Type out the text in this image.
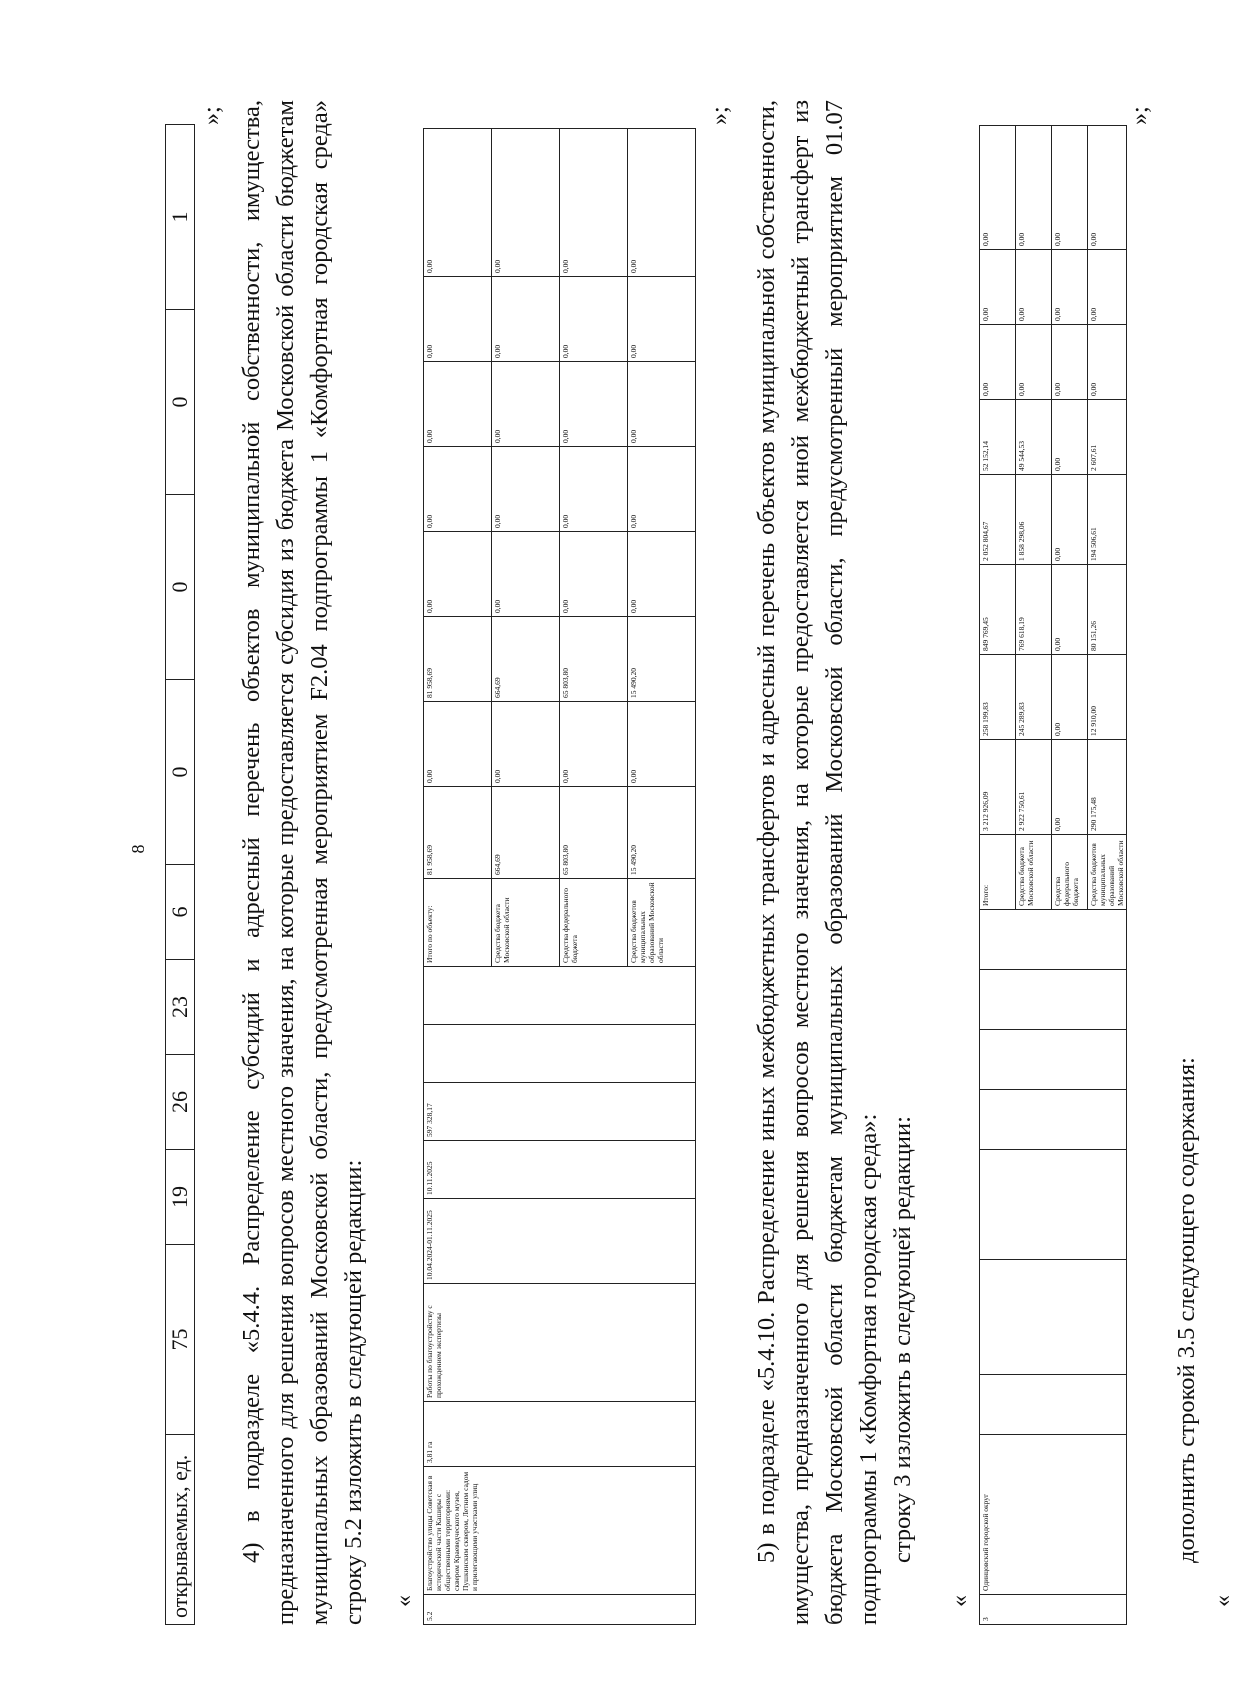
8
открываемых, ед.	75	19	26	23	6	0	0	0	1	
»; 4) в подразделе «5.4.4. Распределение субсидий и адресный перечень объектов муниципальной собственности, имущества, предназначенного для решения вопросов местного значения, на которые предоставляется субсидия из бюджета Московской области бюджетам муниципальных образований Московской области, предусмотренная мероприятием F2.04 подпрограммы 1 «Комфортная городская среда» строку 5.2 изложить в следующей редакции: «
5.2	Благоустройство улицы Советская в исторической части Каширы с общественными территориями: сквером Краеведческого музея, Пушкинским сквером, Летним садом и прилегающими участками улиц	3,81 га	Работы по благоустройству с прохождением экспертизы	10.04.2024-01.11.2025	10.11.2025	597 328,17			Итого по объекту:	81 958,69	0,00	81 958,69	0,00	0,00	0,00	0,00	0,00
									Средства бюджета Московской области	664,69	0,00	664,69	0,00	0,00	0,00	0,00	0,00
									Средства федерального бюджета	65 803,80	0,00	65 803,80	0,00	0,00	0,00	0,00	0,00
									Средства бюджетов муниципальных образований Московской области	15 490,20	0,00	15 490,20	0,00	0,00	0,00	0,00	0,00
»; 5) в подразделе «5.4.10. Распределение иных межбюджетных трансфертов и адресный перечень объектов муниципальной собственности, имущества, предназначенного для решения вопросов местного значения, на которые предоставляется иной межбюджетный трансферт из бюджета Московской области бюджетам муниципальных образований Московской области, предусмотренный мероприятием 01.07 подпрограммы 1 «Комфортная городская среда»: строку 3 изложить в следующей редакции:

«
3	Одинцовский городской округ								Итого:	3 212 926,09	258 199,83	849 769,45	2 052 804,67	52 152,14	0,00	0,00	0,00
									Средства бюджета Московской области	2 922 750,61	245 289,83	769 618,19	1 858 298,06	49 544,53	0,00	0,00	0,00
									Средства федерального бюджета	0,00	0,00	0,00	0,00	0,00	0,00	0,00	0,00
									Средства бюджетов муниципальных образований Московской области	290 175,48	12 910,00	80 151,26	194 506,61	2 607,61	0,00	0,00	0,00
»;

дополнить строкой 3.5 следующего содержания:

«
